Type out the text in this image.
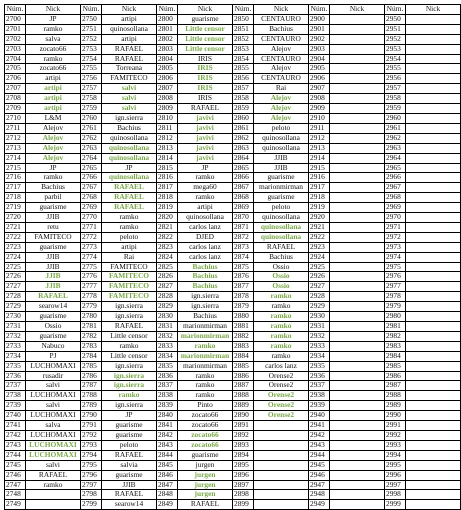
Núm.	Nick	Núm.	Nick	Núm.	Nick	Núm.	Nick	Núm.	Nick	Núm.	Nick
2700	JP	2750	artipi	2800	guarisme	2850	CENTAURO	2900		2950	
2701	ramko	2751	quinosollana	2801	Little censor	2851	Bachius	2901		2951	
2702	salva	2752	artipi	2802	Little censor	2852	CENTAURO	2902		2952	
2703	zocato66	2753	RAFAEL	2803	Little censor	2853	Alejov	2903		2953	
2704	ramko	2754	RAFAEL	2804	IRIS	2854	CENTAURO	2904		2954	
2705	zocato66	2755	Torreana	2805	IRIS	2855	Alejov	2905		2955	
2706	artipi	2756	FAMITECO	2806	IRIS	2856	CENTAURO	2906		2956	
2707	artipi	2757	salvi	2807	IRIS	2857	Rai	2907		2957	
2708	artipi	2758	salvi	2808	IRIS	2858	Alejov	2908		2958	
2709	artipi	2759	salvi	2809	RAFAEL	2859	Alejov	2909		2959	
2710	L&M	2760	ign.sierra	2810	javivi	2860	Alejov	2910		2960	
2711	Alejov	2761	Bachius	2811	javivi	2861	peloto	2911		2961	
2712	Alejov	2762	quinosollana	2812	javivi	2862	quinosollana	2912		2962	
2713	Alejov	2763	quinosollana	2813	javivi	2863	quinosollana	2913		2963	
2714	Alejov	2764	quinosollana	2814	javivi	2864	JJIB	2914		2964	
2715	JP	2765	JP	2815	JP	2865	JJIB	2915		2965	
2716	ramko	2766	quinosollana	2816	ramko	2866	guarisme	2916		2966	
2717	Bachius	2767	RAFAEL	2817	mega60	2867	marionmirman	2917		2967	
2718	parbil	2768	RAFAEL	2818	ramko	2868	guarisme	2918		2968	
2719	guarisme	2769	RAFAEL	2819	artipi	2869	peloto	2919		2969	
2720	JJIB	2770	ramko	2820	quinosollana	2870	quinosollana	2920		2970	
2721	retu	2771	ramko	2821	carlos lanz	2871	quinosollana	2921		2971	
2722	FAMITECO	2772	peloto	2822	DJED	2872	quinosollana	2922		2972	
2723	guarisme	2773	artipi	2823	carlos lanz	2873	RAFAEL	2923		2973	
2724	JJIB	2774	Rai	2824	carlos lanz	2874	Bachius	2924		2974	
2725	JJIB	2775	FAMITECO	2825	Bachius	2875	Ossio	2925		2975	
2726	JJIB	2776	FAMITECO	2826	Bachius	2876	Ossio	2926		2976	
2727	JJIB	2777	FAMITECO	2827	Bachius	2877	Ossio	2927		2977	
2728	RAFAEL	2778	FAMITECO	2828	ign.sierra	2878	ramko	2928		2978	
2729	searow14	2779	ign.sierra	2829	ign.sierra	2879	ramko	2929		2979	
2730	guarisme	2780	ign.sierra	2830	Bachius	2880	ramko	2930		2980	
2731	Ossio	2781	RAFAEL	2831	marionmirman	2881	ramko	2931		2981	
2732	guarisme	2782	Little censor	2832	marionmirman	2882	ramko	2932		2982	
2733	Nabuco	2783	ramko	2833	ramko	2883	ramko	2933		2983	
2734	PJ	2784	Little censor	2834	marionmirman	2884	ramko	2934		2984	
2735	LUCHOMAXI	2785	ign.sierra	2835	marionmirman	2885	carlos lanz	2935		2985	
2736	rusadir	2786	ign.sierra	2836	ramko	2886	Orense2	2936		2986	
2737	salvi	2787	ign.sierra	2837	ramko	2887	Orense2	2937		2987	
2738	LUCHOMAXI	2788	ramko	2838	ramko	2888	Orense2	2938		2988	
2739	salvi	2789	ign.sierra	2839	Pinto	2889	Orense2	2939		2989	
2740	LUCHOMAXI	2790	JP	2840	zocato66	2890	Orense2	2940		2990	
2741	salva	2791	guarisme	2841	zocato66	2891		2941		2991	
2742	LUCHOMAXI	2792	guarisme	2842	zocato66	2892		2942		2992	
2743	LUCHOMAXI	2793	peloto	2843	zocato66	2893		2943		2993	
2744	LUCHOMAXI	2794	RAFAEL	2844	guarisme	2894		2944		2994	
2745	salvi	2795	salvia	2845	jurgen	2895		2945		2995	
2746	RAFAEL	2796	guarisme	2846	jurgen	2896		2946		2996	
2747	ramko	2797	JJIB	2847	jurgen	2897		2947		2997	
2748		2798	RAFAEL	2848	jurgen	2898		2948		2998	
2749		2799	searow14	2849	RAFAEL	2899		2949		2999	
